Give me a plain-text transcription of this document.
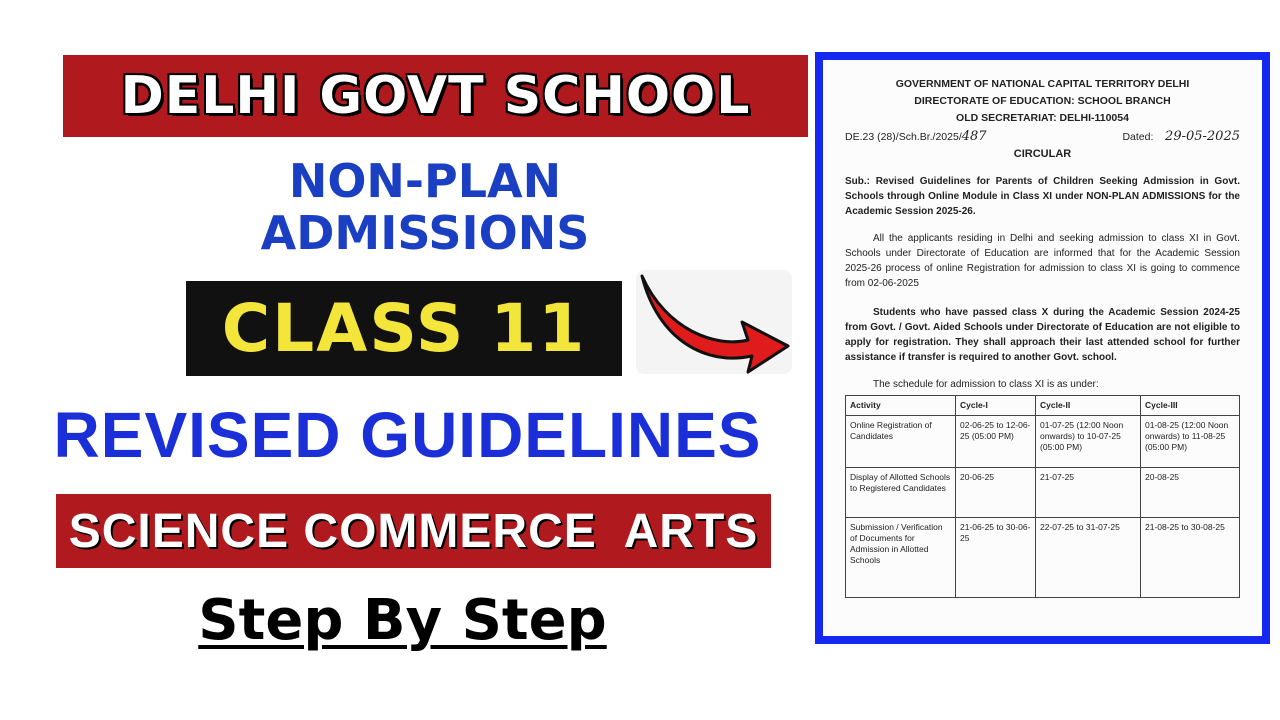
DELHI GOVT SCHOOL
NON-PLAN
ADMISSIONS
CLASS 11
REVISED GUIDELINES
SCIENCE COMMERCE  ARTS
Step By Step
GOVERNMENT OF NATIONAL CAPITAL TERRITORY DELHI
DIRECTORATE OF EDUCATION: SCHOOL BRANCH
OLD SECRETARIAT: DELHI-110054
DE.23 (28)/Sch.Br./2025/487	Dated: 29-05-2025
CIRCULAR
Sub.: Revised Guidelines for Parents of Children Seeking Admission in Govt. Schools through Online Module in Class XI under NON-PLAN ADMISSIONS for the Academic Session 2025-26.
All the applicants residing in Delhi and seeking admission to class XI in Govt. Schools under Directorate of Education are informed that for the Academic Session 2025-26 process of online Registration for admission to class XI is going to commence from 02-06-2025
Students who have passed class X during the Academic Session 2024-25 from Govt. / Govt. Aided Schools under Directorate of Education are not eligible to apply for registration. They shall approach their last attended school for further assistance if transfer is required to another Govt. school.
The schedule for admission to class XI is as under:
Activity	Cycle-I	Cycle-II	Cycle-III
Online Registration of Candidates	02-06-25 to 12-06-25 (05:00 PM)	01-07-25 (12:00 Noon onwards) to 10-07-25 (05:00 PM)	01-08-25 (12:00 Noon onwards) to 11-08-25 (05:00 PM)
Display of Allotted Schools to Registered Candidates	20-06-25	21-07-25	20-08-25
Submission / Verification of Documents for Admission in Allotted Schools	21-06-25 to 30-06-25	22-07-25 to 31-07-25	21-08-25 to 30-08-25
